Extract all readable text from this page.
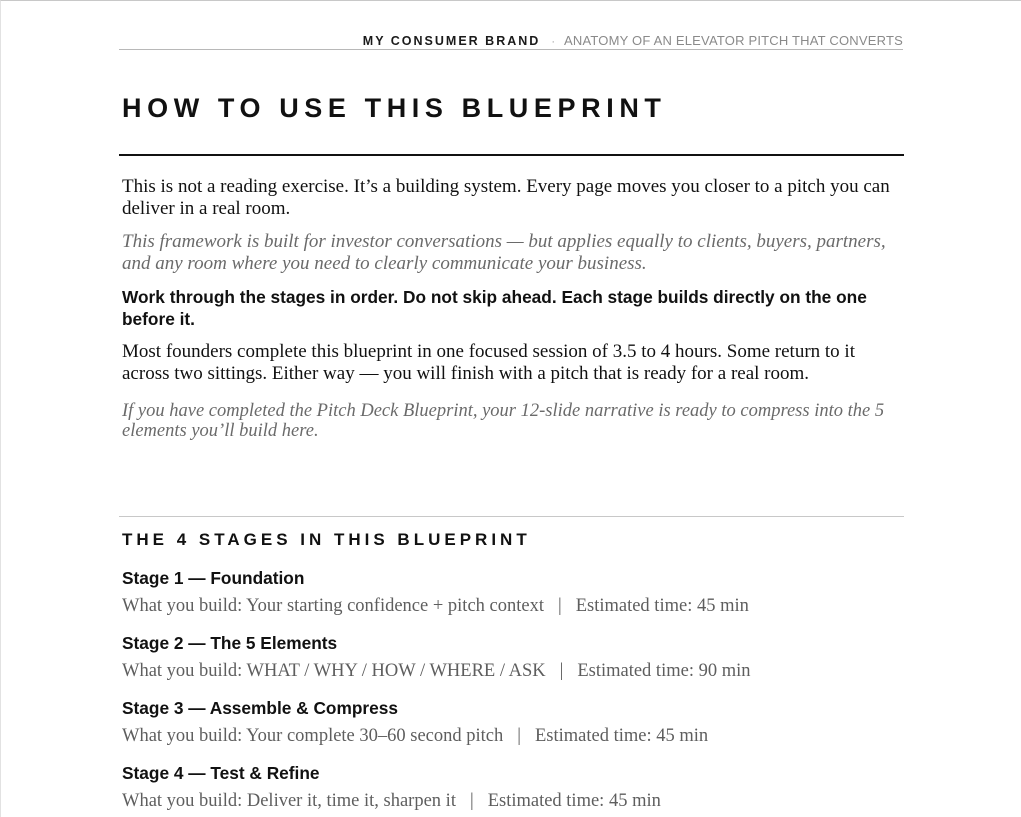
MY CONSUMER BRAND · ANATOMY OF AN ELEVATOR PITCH THAT CONVERTS
HOW TO USE THIS BLUEPRINT

This is not a reading exercise. It’s a building system. Every page moves you closer to a pitch you can deliver in a real room.

This framework is built for investor conversations — but applies equally to clients, buyers, partners, and any room where you need to clearly communicate your business.

Work through the stages in order. Do not skip ahead. Each stage builds directly on the one before it.

Most founders complete this blueprint in one focused session of 3.5 to 4 hours. Some return to it across two sittings. Either way — you will finish with a pitch that is ready for a real room.

If you have completed the Pitch Deck Blueprint, your 12-slide narrative is ready to compress into the 5 elements you’ll build here.

THE 4 STAGES IN THIS BLUEPRINT
Stage 1 — Foundation
What you build: Your starting confidence + pitch context | Estimated time: 45 min
Stage 2 — The 5 Elements
What you build: WHAT / WHY / HOW / WHERE / ASK | Estimated time: 90 min
Stage 3 — Assemble & Compress
What you build: Your complete 30–60 second pitch | Estimated time: 45 min
Stage 4 — Test & Refine
What you build: Deliver it, time it, sharpen it | Estimated time: 45 min
